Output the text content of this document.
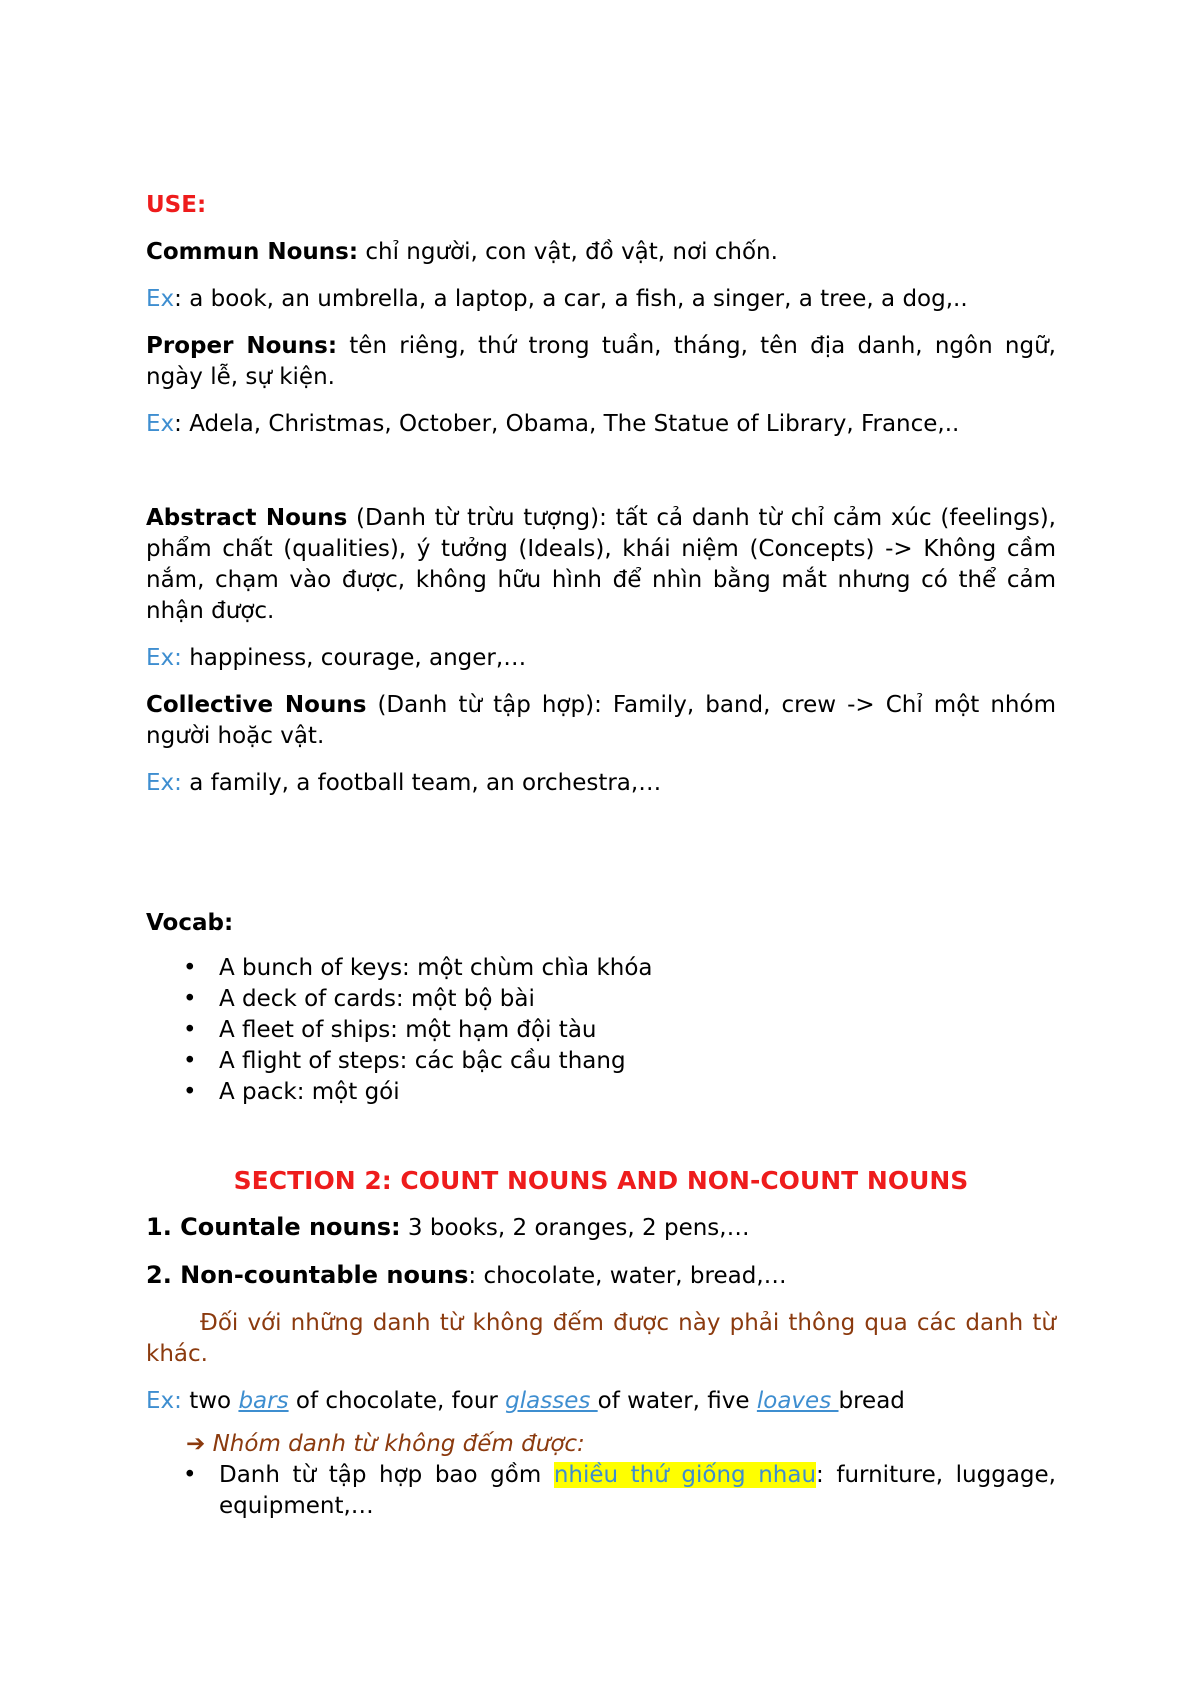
USE:

Commun Nouns: chỉ người, con vật, đồ vật, nơi chốn.

Ex: a book, an umbrella, a laptop, a car, a fish, a singer, a tree, a dog,..

Proper Nouns: tên riêng, thứ trong tuần, tháng, tên địa danh, ngôn ngữ, ngày lễ, sự kiện.

Ex: Adela, Christmas, October, Obama, The Statue of Library, France,..

Abstract Nouns (Danh từ trừu tượng): tất cả danh từ chỉ cảm xúc (feelings), phẩm chất (qualities), ý tưởng (Ideals), khái niệm (Concepts) -> Không cầm nắm, chạm vào được, không hữu hình để nhìn bằng mắt nhưng có thể cảm nhận được.

Ex: happiness, courage, anger,…

Collective Nouns (Danh từ tập hợp): Family, band, crew -> Chỉ một nhóm người hoặc vật.

Ex: a family, a football team, an orchestra,…

Vocab:

• A bunch of keys: một chùm chìa khóa
• A deck of cards: một bộ bài
• A fleet of ships: một hạm đội tàu
• A flight of steps: các bậc cầu thang
• A pack: một gói

SECTION 2: COUNT NOUNS AND NON-COUNT NOUNS

1. Countale nouns: 3 books, 2 oranges, 2 pens,…

2. Non-countable nouns: chocolate, water, bread,…

Đối với những danh từ không đếm được này phải thông qua các danh từ khác.

Ex: two bars of chocolate, four glasses of water, five loaves bread

➔ Nhóm danh từ không đếm được:

• Danh từ tập hợp bao gồm nhiều thứ giống nhau: furniture, luggage, equipment,…
